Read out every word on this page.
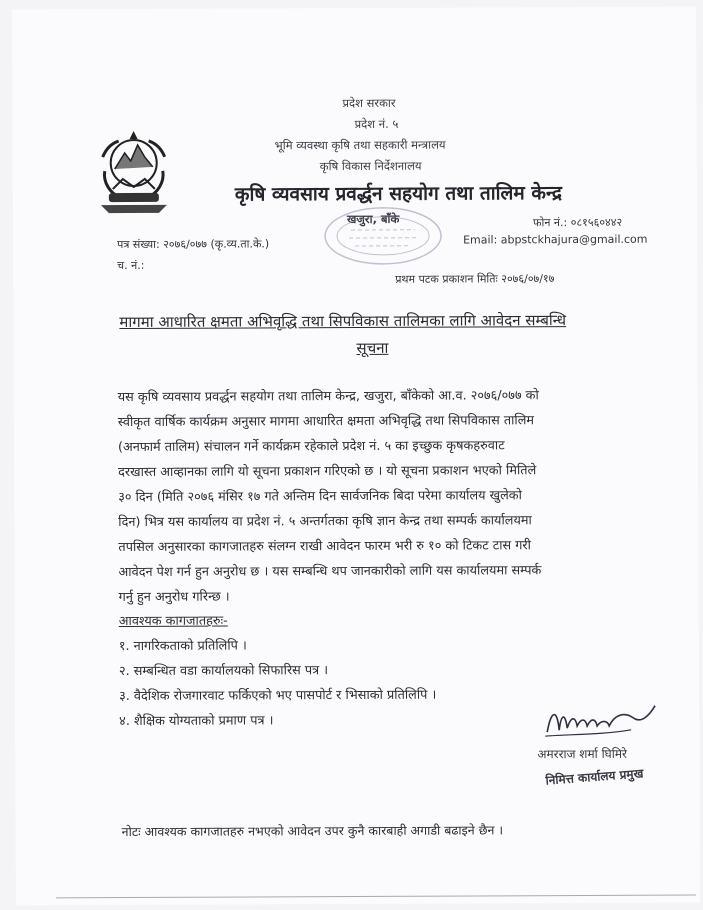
प्रदेश सरकार
प्रदेश नं. ५
भूमि व्यवस्था कृषि तथा सहकारी मन्त्रालय
कृषि विकास निर्देशनालय
कृषि व्यवसाय प्रवर्द्धन सहयोग तथा तालिम केन्द्र
खजुरा, बाँके	फोन नं.: ०८१५६०४४२
Email: abpstckhajura@gmail.com
पत्र संख्या: २०७६/०७७ (कृ.व्य.ता.के.)
च. नं.:
प्रथम पटक प्रकाशन मितिः २०७६/०७/१७
मागमा आधारित क्षमता अभिवृद्धि तथा सिपविकास तालिमका लागि आवेदन सम्बन्धि
सूचना
यस कृषि व्यवसाय प्रवर्द्धन सहयोग तथा तालिम केन्द्र, खजुरा, बाँकेको आ.व. २०७६/०७७ को
स्वीकृत वार्षिक कार्यक्रम अनुसार मागमा आधारित क्षमता अभिवृद्धि तथा सिपविकास तालिम
(अनफार्म तालिम) संचालन गर्ने कार्यक्रम रहेकाले प्रदेश नं. ५ का इच्छुक कृषकहरुवाट
दरखास्त आव्हानका लागि यो सूचना प्रकाशन गरिएको छ । यो सूचना प्रकाशन भएको मितिले
३० दिन (मिति २०७६ मंसिर १७ गते अन्तिम दिन सार्वजनिक बिदा परेमा कार्यालय खुलेको
दिन) भित्र यस कार्यालय वा प्रदेश नं. ५ अन्तर्गतका कृषि ज्ञान केन्द्र तथा सम्पर्क कार्यालयमा
तपसिल अनुसारका कागजातहरु संलग्न राखी आवेदन फारम भरी रु १० को टिकट टास गरी
आवेदन पेश गर्न हुन अनुरोध छ । यस सम्बन्धि थप जानकारीको लागि यस कार्यालयमा सम्पर्क
गर्नु हुन अनुरोध गरिन्छ ।
आवश्यक कागजातहरुः-
१. नागरिकताको प्रतिलिपि ।
२. सम्बन्धित वडा कार्यालयको सिफारिस पत्र ।
३. वैदेशिक रोजगारवाट फर्किएको भए पासपोर्ट र भिसाको प्रतिलिपि ।
४. शैक्षिक योग्यताको प्रमाण पत्र ।
अमरराज शर्मा घिमिरे
निमित्त कार्यालय प्रमुख
नोटः आवश्यक कागजातहरु नभएको आवेदन उपर कुनै कारबाही अगाडी बढाइने छैन ।
